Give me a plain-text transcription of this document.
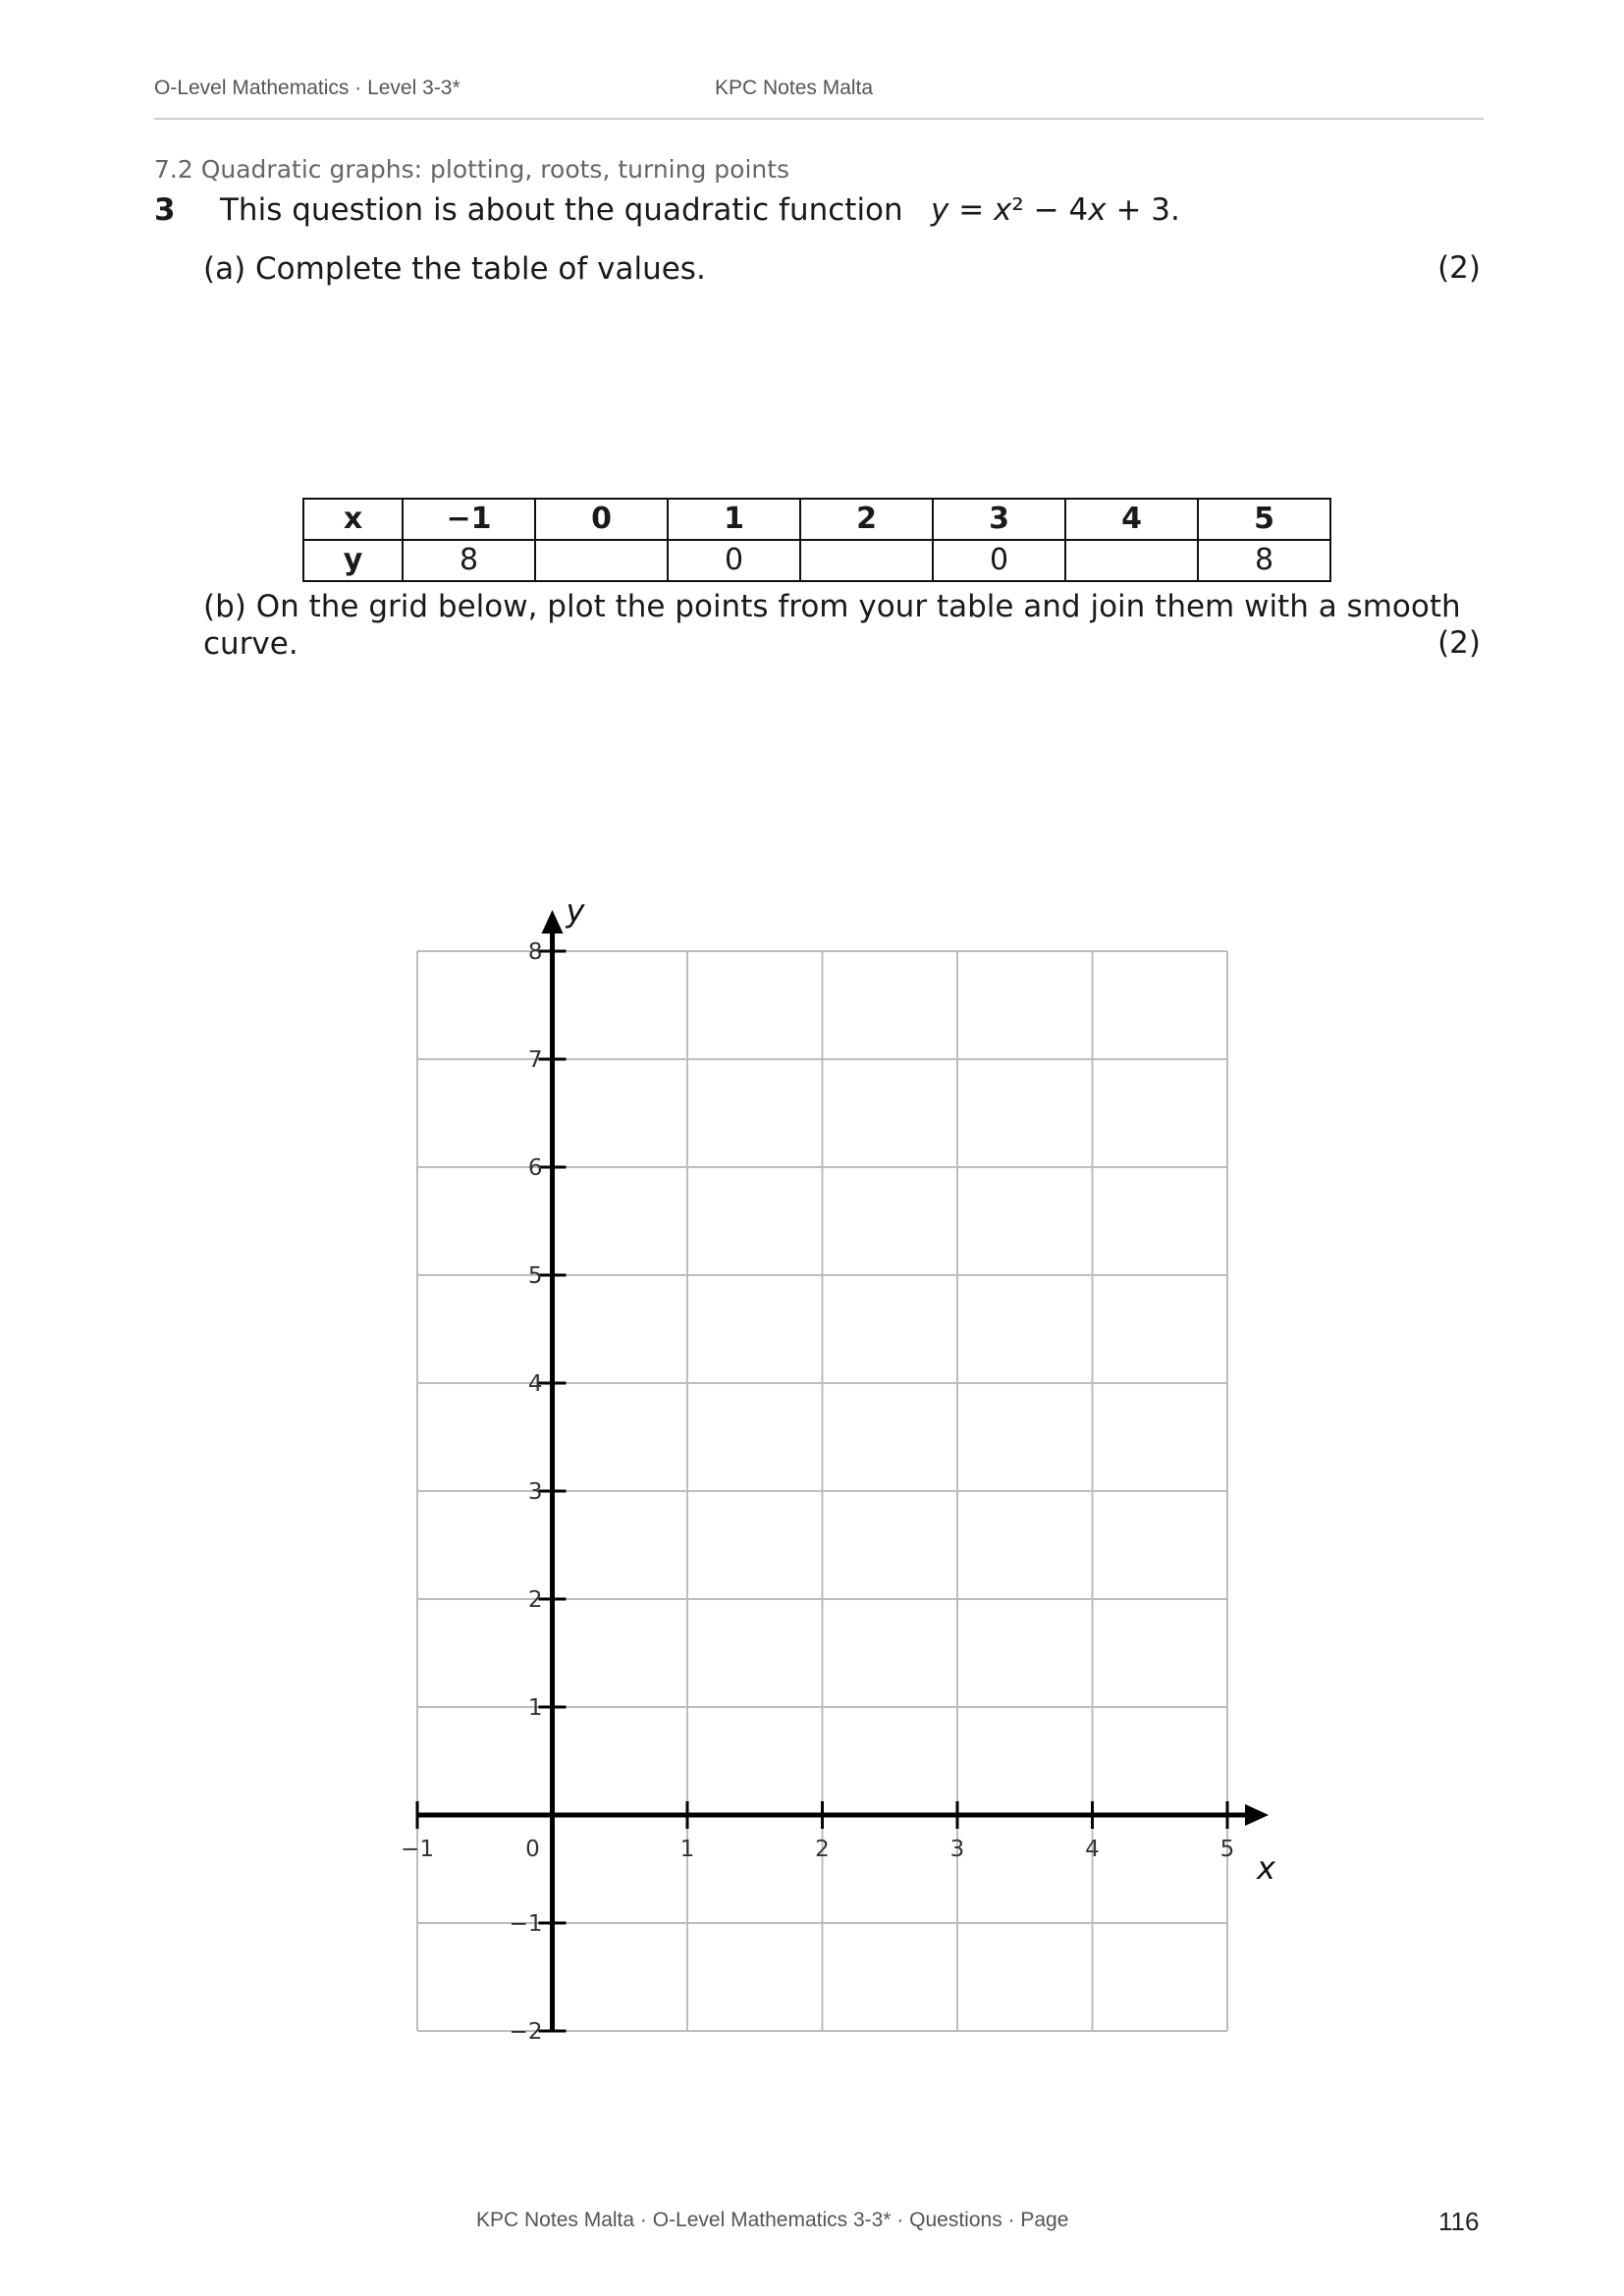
O-Level Mathematics · Level 3-3*	KPC Notes Malta
7.2 Quadratic graphs: plotting, roots, turning points
3 This question is about the quadratic function y = x² − 4x + 3.
(a) Complete the table of values.	(2)
x	−1	0	1	2	3	4	5
y	8		0		0		8
(b) On the grid below, plot the points from your table and join them with a smooth
curve.	(2)
x
y
−1	0	1	2	3	4	5
8
7
6
5
4
3
2
1
−1
−2
KPC Notes Malta · O-Level Mathematics 3-3* · Questions · Page	116
